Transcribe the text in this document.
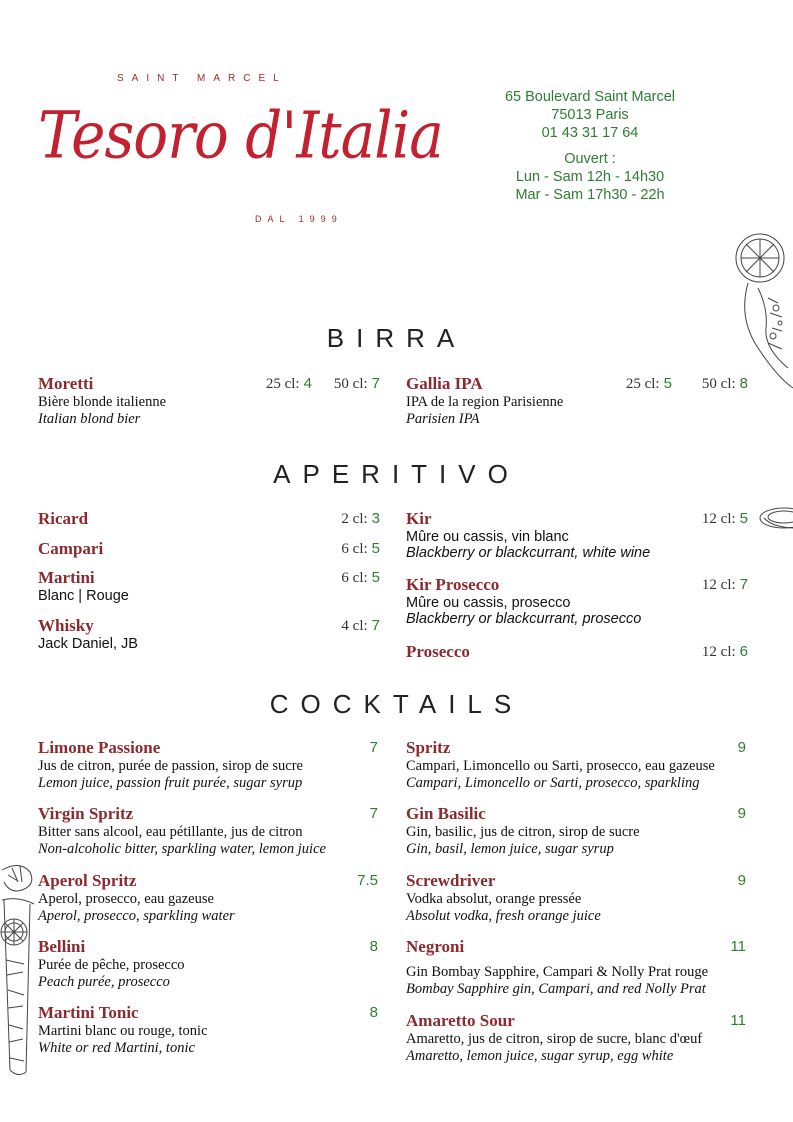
SAINT MARCEL
Tesoro d'Italia
DAL 1999
65 Boulevard Saint Marcel
75013 Paris
01 43 31 17 64
Ouvert :
Lun - Sam 12h - 14h30
Mar - Sam 17h30 - 22h
BIRRA
Moretti	25 cl: 4 50 cl: 7
Bière blonde italienne
Italian blond bier
Gallia IPA	25 cl: 5 50 cl: 8
IPA de la region Parisienne
Parisien IPA
APERITIVO
Ricard	2 cl: 3
Campari	6 cl: 5
Martini	6 cl: 5
Blanc | Rouge
Whisky	4 cl: 7
Jack Daniel, JB
Kir	12 cl: 5
Mûre ou cassis, vin blanc
Blackberry or blackcurrant, white wine
Kir Prosecco	12 cl: 7
Mûre ou cassis, prosecco
Blackberry or blackcurrant, prosecco
Prosecco	12 cl: 6
COCKTAILS
Limone Passione	7
Jus de citron, purée de passion, sirop de sucre
Lemon juice, passion fruit purée, sugar syrup
Virgin Spritz	7
Bitter sans alcool, eau pétillante, jus de citron
Non-alcoholic bitter, sparkling water, lemon juice
Aperol Spritz	7.5
Aperol, prosecco, eau gazeuse
Aperol, prosecco, sparkling water
Bellini	8
Purée de pêche, prosecco
Peach purée, prosecco
Martini Tonic	8
Martini blanc ou rouge, tonic
White or red Martini, tonic
Spritz	9
Campari, Limoncello ou Sarti, prosecco, eau gazeuse
Campari, Limoncello or Sarti, prosecco, sparkling
Gin Basilic	9
Gin, basilic, jus de citron, sirop de sucre
Gin, basil, lemon juice, sugar syrup
Screwdriver	9
Vodka absolut, orange pressée
Absolut vodka, fresh orange juice
Negroni	11
Gin Bombay Sapphire, Campari & Nolly Prat rouge
Bombay Sapphire gin, Campari, and red Nolly Prat
Amaretto Sour	11
Amaretto, jus de citron, sirop de sucre, blanc d'œuf
Amaretto, lemon juice, sugar syrup, egg white
